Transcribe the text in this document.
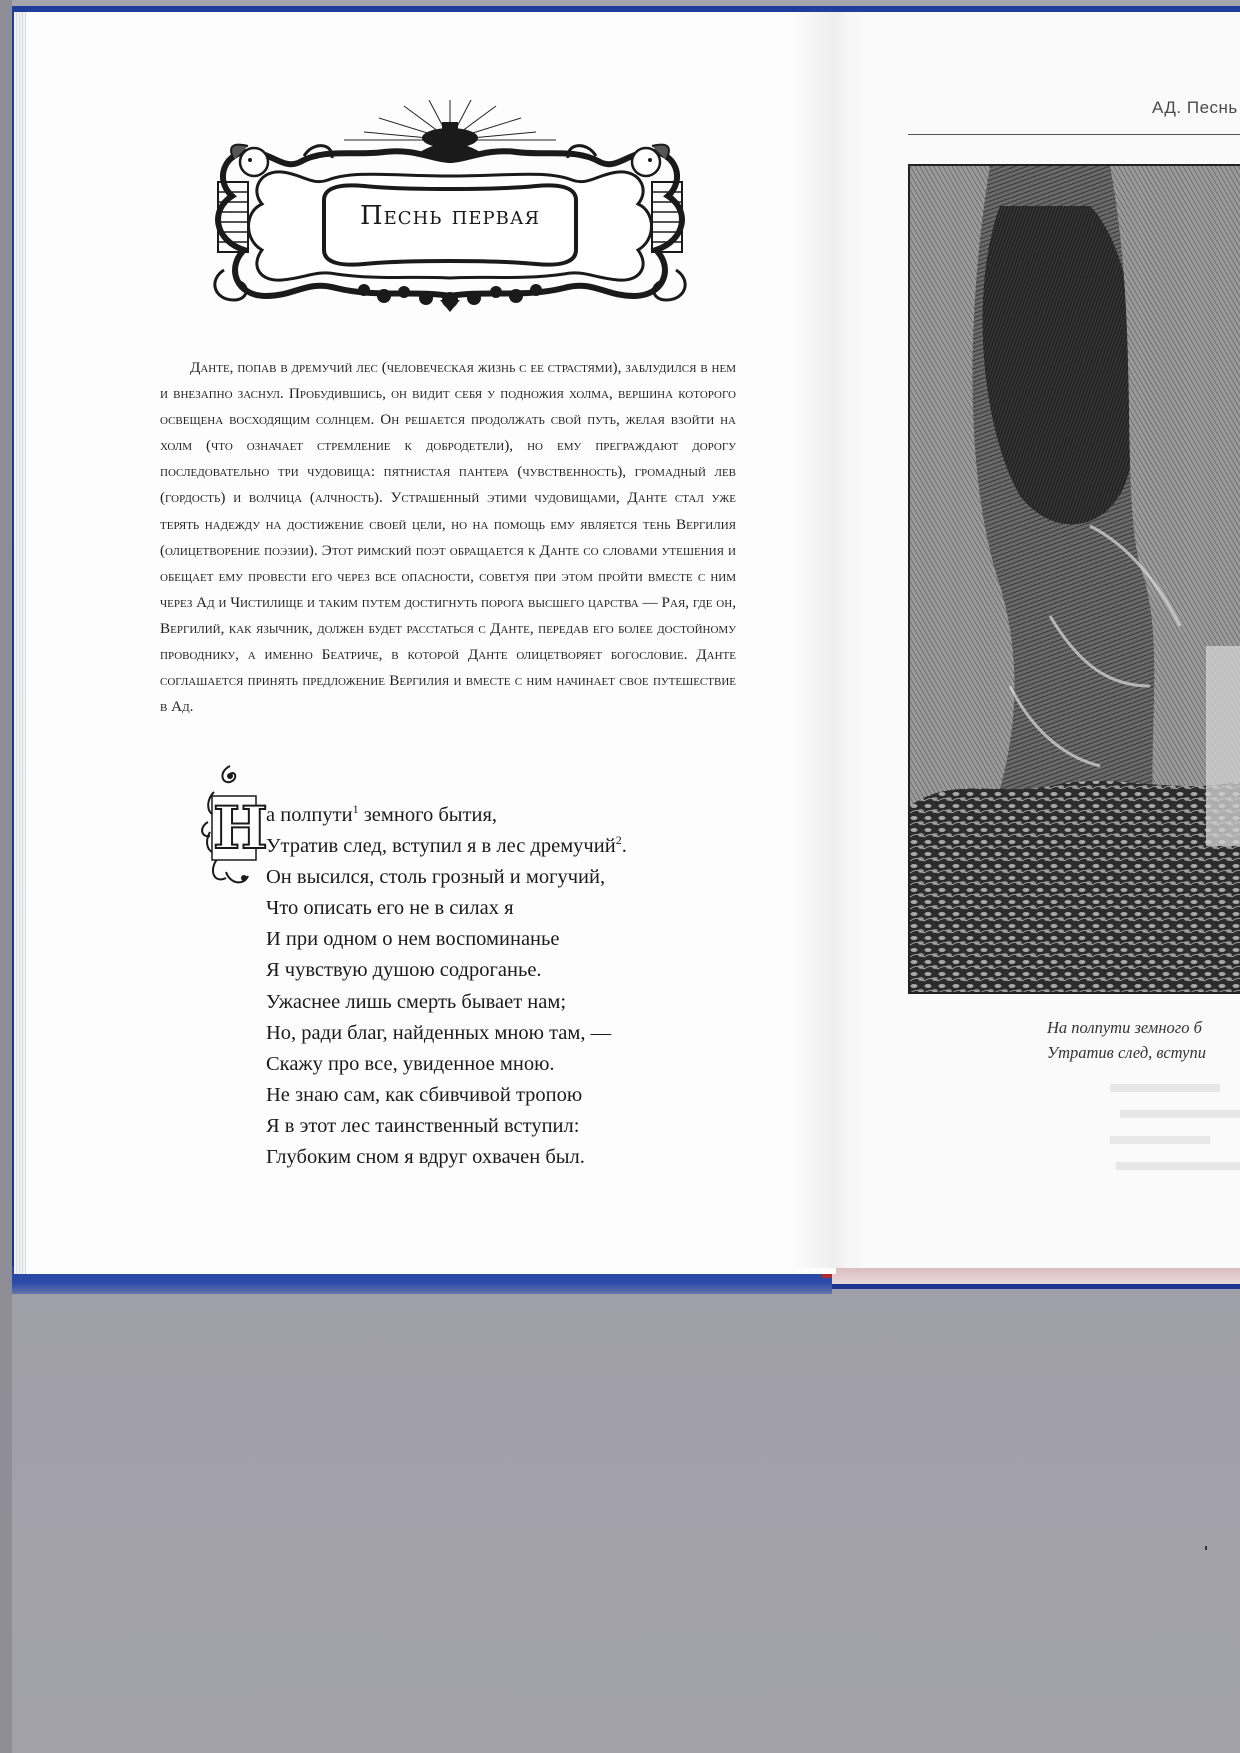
Песнь первая

Данте, попав в дремучий лес (человеческая жизнь с ее страстями), заблудился в нем и внезапно заснул. Пробудившись, он видит себя у подножия холма, вершина которого освещена восходящим солнцем. Он решается продолжать свой путь, желая взойти на холм (что означает стремление к добродетели), но ему преграждают дорогу последовательно три чудовища: пятнистая пантера (чувственность), громадный лев (гордость) и волчица (алчность). Устрашенный этими чудовищами, Данте стал уже терять надежду на достижение своей цели, но на помощь ему является тень Вергилия (олицетворение поэзии). Этот римский поэт обращается к Данте со словами утешения и обещает ему провести его через все опасности, советуя при этом пройти вместе с ним через Ад и Чистилище и таким путем достигнуть порога высшего царства — Рая, где он, Вергилий, как язычник, должен будет расстаться с Данте, передав его более достойному проводнику, а именно Беатриче, в которой Данте олицетворяет богословие. Данте соглашается принять предложение Вергилия и вместе с ним начинает свое путешествие в Ад.

Н
а полпути$^1$ земного бытия,
Утратив след, вступил я в лес дремучий$^2$.
Он высился, столь грозный и могучий,
Что описать его не в силах я
И при одном о нем воспоминанье
Я чувствую душою содроганье.
Ужаснее лишь смерть бывает нам;
Но, ради благ, найденных мною там, —
Скажу про все, увиденное мною.
Не знаю сам, как сбивчивой тропою
Я в этот лес таинственный вступил:
Глубоким сном я вдруг охвачен был.
АД. Песнь

На полпути земного б
Утратив след, вступи
